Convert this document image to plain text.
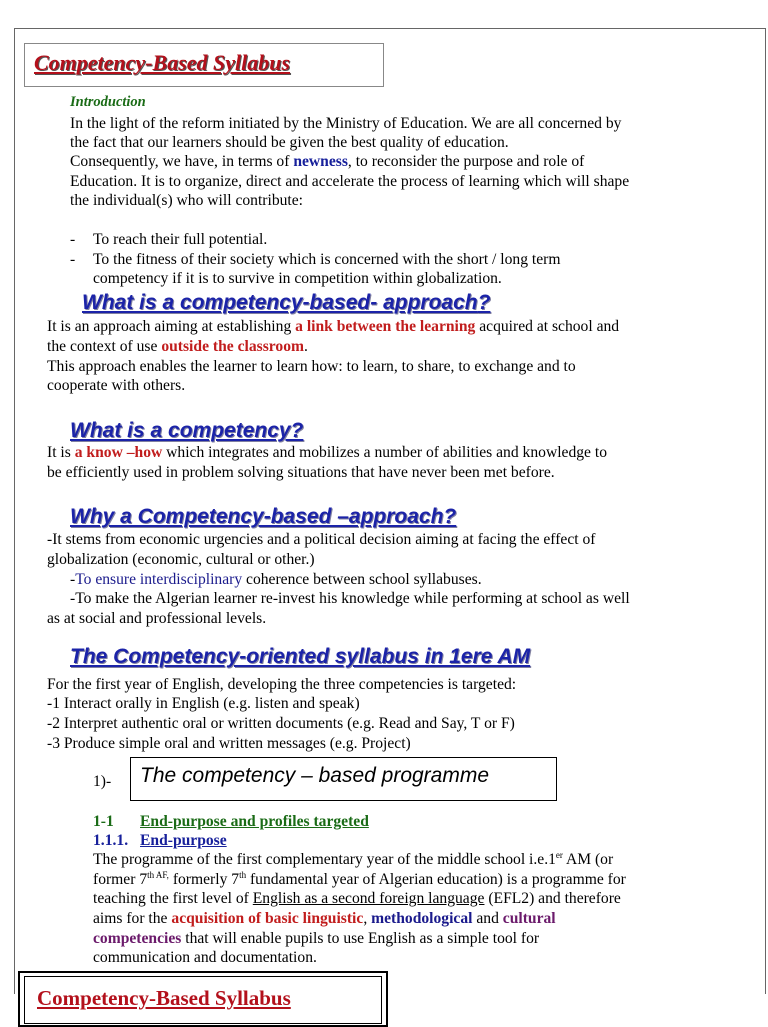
Competency-Based Syllabus
Introduction
In the light of the reform initiated by the Ministry of Education. We are all concerned by
the fact that our learners should be given the best quality of education.
Consequently, we have, in terms of newness, to reconsider the purpose and role of
Education. It is to organize, direct and accelerate the process of learning which will shape
the individual(s) who will contribute:
- To reach their full potential.
- To the fitness of their society which is concerned with the short / long term
competency if it is to survive in competition within globalization.
What is a competency-based- approach?
It is an approach aiming at establishing a link between the learning acquired at school and
the context of use outside the classroom.
This approach enables the learner to learn how: to learn, to share, to exchange and to
cooperate with others.
What is a competency?
It is a know –how which integrates and mobilizes a number of abilities and knowledge to
be efficiently used in problem solving situations that have never been met before.
Why a Competency-based –approach?
-It stems from economic urgencies and a political decision aiming at facing the effect of
globalization (economic, cultural or other.)
-To ensure interdisciplinary coherence between school syllabuses.
-To make the Algerian learner re-invest his knowledge while performing at school as well
as at social and professional levels.
The Competency-oriented syllabus in 1ere AM
For the first year of English, developing the three competencies is targeted:
-1 Interact orally in English (e.g. listen and speak)
-2 Interpret authentic oral or written documents (e.g. Read and Say, T or F)
-3 Produce simple oral and written messages (e.g. Project)
1)- The competency – based programme
1-1 End-purpose and profiles targeted
1.1.1. End-purpose
The programme of the first complementary year of the middle school i.e.1er AM (or
former $7^{th AF,}$ formerly 7th fundamental year of Algerian education) is a programme for
teaching the first level of English as a second foreign language (EFL2) and therefore
aims for the acquisition of basic linguistic, methodological and cultural
competencies that will enable pupils to use English as a simple tool for
communication and documentation.
Competency-Based Syllabus
